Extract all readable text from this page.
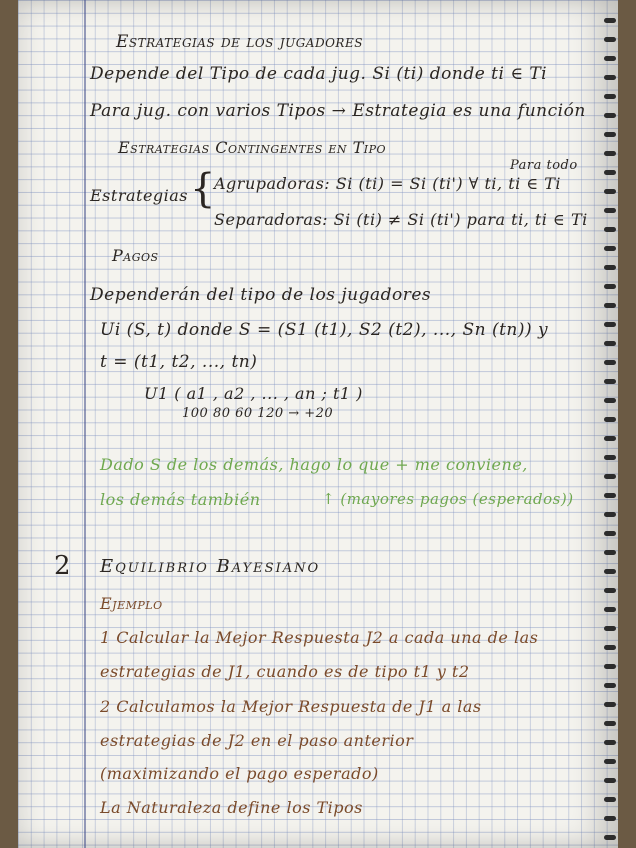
Estrategias de los jugadores
Depende del Tipo de cada jug. Si (ti) donde ti ∈ Ti
Para jug. con varios Tipos → Estrategia es una función
Estrategias Contingentes en Tipo
Para todo
Estrategias {
Agrupadoras: Si (ti) = Si (ti') ∀ ti, ti ∈ Ti
Separadoras: Si (ti) ≠ Si (ti') para ti, ti ∈ Ti
Pagos
Dependerán del tipo de los jugadores
Ui (S, t) donde S = (S1 (t1), S2 (t2), ..., Sn (tn)) y
t = (t1, t2, ..., tn)
U1 ( a1 , a2 , ... , an ; t1 )
100 80 60 120 → +20
Dado S de los demás, hago lo que + me conviene,
los demás también	↑ (mayores pagos (esperados))
2 Equilibrio Bayesiano
Ejemplo
1 Calcular la Mejor Respuesta J2 a cada una de las
estrategias de J1, cuando es de tipo t1 y t2
2 Calculamos la Mejor Respuesta de J1 a las
estrategias de J2 en el paso anterior
(maximizando el pago esperado)
La Naturaleza define los Tipos
